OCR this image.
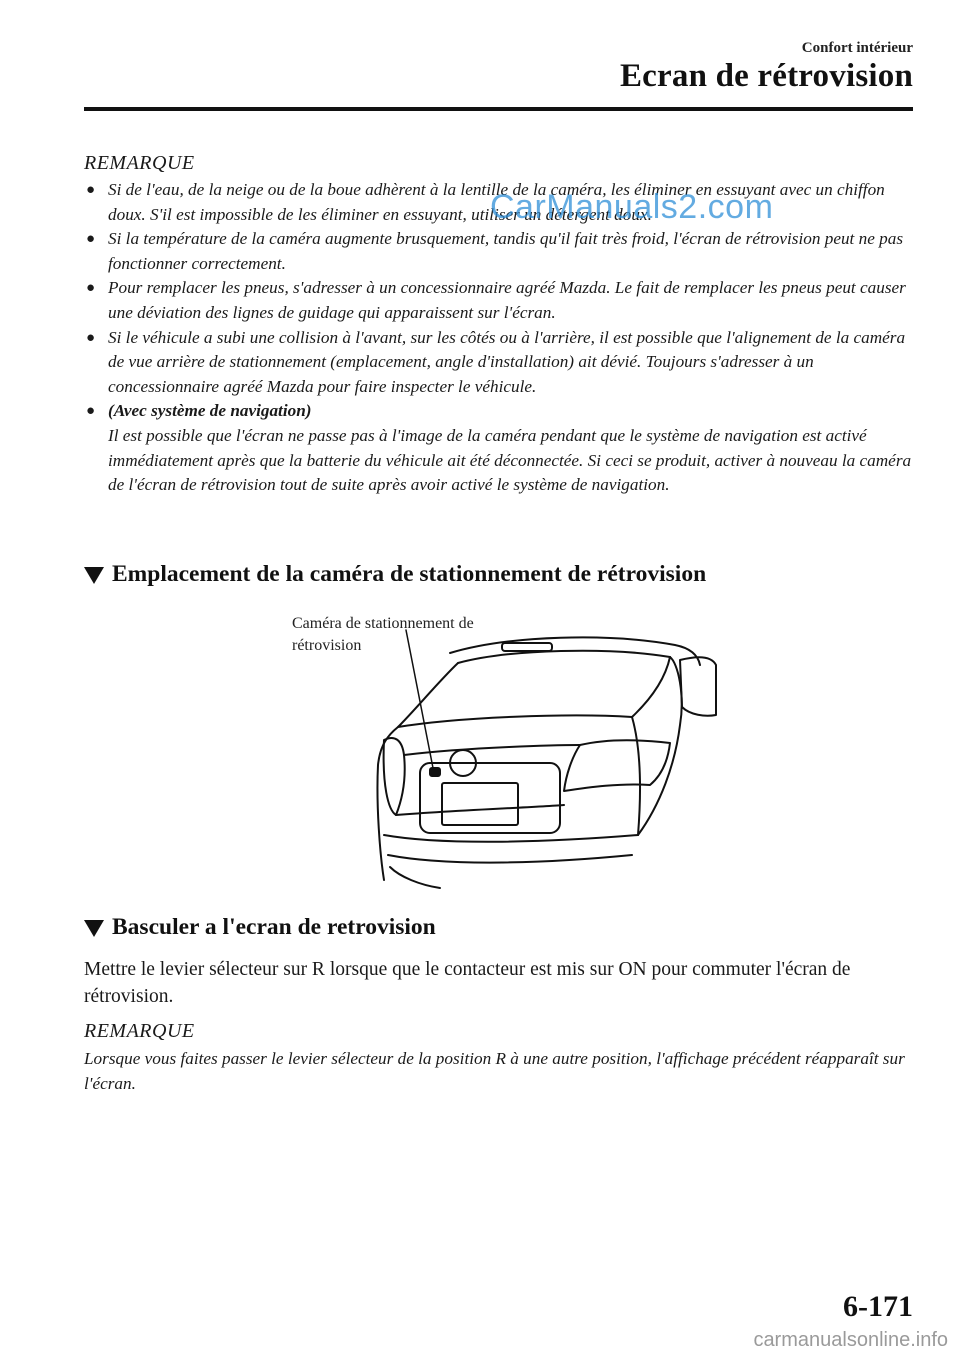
Confort intérieur
Ecran de rétrovision
REMARQUE
● Si de l'eau, de la neige ou de la boue adhèrent à la lentille de la caméra, les éliminer en essuyant avec un chiffon doux. S'il est impossible de les éliminer en essuyant, utiliser un détergent doux.
● Si la température de la caméra augmente brusquement, tandis qu'il fait très froid, l'écran de rétrovision peut ne pas fonctionner correctement.
● Pour remplacer les pneus, s'adresser à un concessionnaire agréé Mazda. Le fait de remplacer les pneus peut causer une déviation des lignes de guidage qui apparaissent sur l'écran.
● Si le véhicule a subi une collision à l'avant, sur les côtés ou à l'arrière, il est possible que l'alignement de la caméra de vue arrière de stationnement (emplacement, angle d'installation) ait dévié. Toujours s'adresser à un concessionnaire agréé Mazda pour faire inspecter le véhicule.
● (Avec système de navigation)
Il est possible que l'écran ne passe pas à l'image de la caméra pendant que le système de navigation est activé immédiatement après que la batterie du véhicule ait été déconnectée. Si ceci se produit, activer à nouveau la caméra de l'écran de rétrovision tout de suite après avoir activé le système de navigation.
CarManuals2.com
Emplacement de la caméra de stationnement de rétrovision
Caméra de stationnement de
rétrovision
Basculer a l'ecran de retrovision
Mettre le levier sélecteur sur R lorsque que le contacteur est mis sur ON pour commuter l'écran de rétrovision.
REMARQUE
Lorsque vous faites passer le levier sélecteur de la position R à une autre position, l'affichage précédent réapparaît sur l'écran.
6-171
carmanualsonline.info
